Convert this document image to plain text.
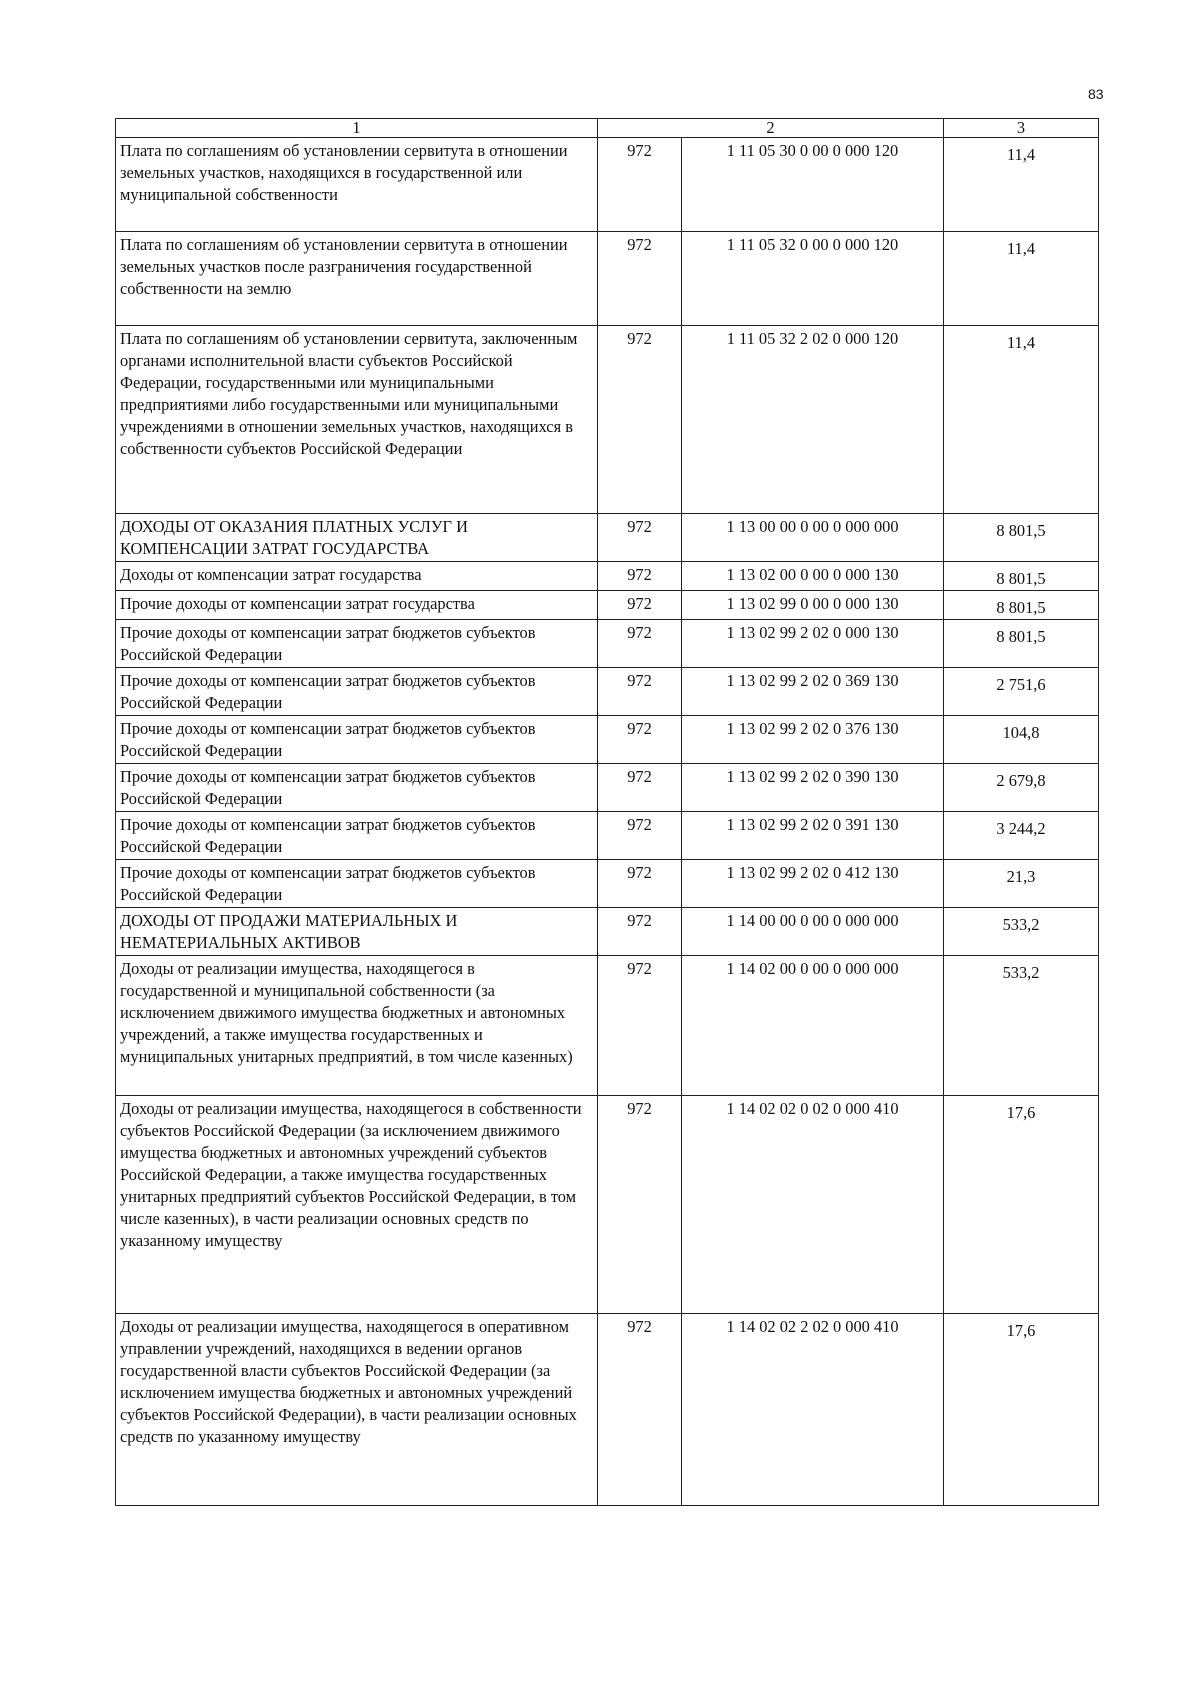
83
1	2		3
Плата по соглашениям об установлении сервитута в отношении земельных участков, находящихся в государственной или муниципальной собственности	972	1 11 05 30 0 00 0 000 120	11,4
Плата по соглашениям об установлении сервитута в отношении земельных участков после разграничения государственной собственности на землю	972	1 11 05 32 0 00 0 000 120	11,4
Плата по соглашениям об установлении сервитута, заключенным органами исполнительной власти субъектов Российской Федерации, государственными или муниципальными предприятиями либо государственными или муниципальными учреждениями в отношении земельных участков, находящихся в собственности субъектов Российской Федерации	972	1 11 05 32 2 02 0 000 120	11,4
ДОХОДЫ ОТ ОКАЗАНИЯ ПЛАТНЫХ УСЛУГ И КОМПЕНСАЦИИ ЗАТРАТ ГОСУДАРСТВА	972	1 13 00 00 0 00 0 000 000	8 801,5
Доходы от компенсации затрат государства	972	1 13 02 00 0 00 0 000 130	8 801,5
Прочие доходы от компенсации затрат государства	972	1 13 02 99 0 00 0 000 130	8 801,5
Прочие доходы от компенсации затрат бюджетов субъектов Российской Федерации	972	1 13 02 99 2 02 0 000 130	8 801,5
Прочие доходы от компенсации затрат бюджетов субъектов Российской Федерации	972	1 13 02 99 2 02 0 369 130	2 751,6
Прочие доходы от компенсации затрат бюджетов субъектов Российской Федерации	972	1 13 02 99 2 02 0 376 130	104,8
Прочие доходы от компенсации затрат бюджетов субъектов Российской Федерации	972	1 13 02 99 2 02 0 390 130	2 679,8
Прочие доходы от компенсации затрат бюджетов субъектов Российской Федерации	972	1 13 02 99 2 02 0 391 130	3 244,2
Прочие доходы от компенсации затрат бюджетов субъектов Российской Федерации	972	1 13 02 99 2 02 0 412 130	21,3
ДОХОДЫ ОТ ПРОДАЖИ МАТЕРИАЛЬНЫХ И НЕМАТЕРИАЛЬНЫХ АКТИВОВ	972	1 14 00 00 0 00 0 000 000	533,2
Доходы от реализации имущества, находящегося в государственной и муниципальной собственности (за исключением движимого имущества бюджетных и автономных учреждений, а также имущества государственных и муниципальных унитарных предприятий, в том числе казенных)	972	1 14 02 00 0 00 0 000 000	533,2
Доходы от реализации имущества, находящегося в собственности субъектов Российской Федерации (за исключением движимого имущества бюджетных и автономных учреждений субъектов Российской Федерации, а также имущества государственных унитарных предприятий субъектов Российской Федерации, в том числе казенных), в части реализации основных средств по указанному имуществу	972	1 14 02 02 0 02 0 000 410	17,6
Доходы от реализации имущества, находящегося в оперативном управлении учреждений, находящихся в ведении органов государственной власти субъектов Российской Федерации (за исключением имущества бюджетных и автономных учреждений субъектов Российской Федерации), в части реализации основных средств по указанному имуществу	972	1 14 02 02 2 02 0 000 410	17,6
